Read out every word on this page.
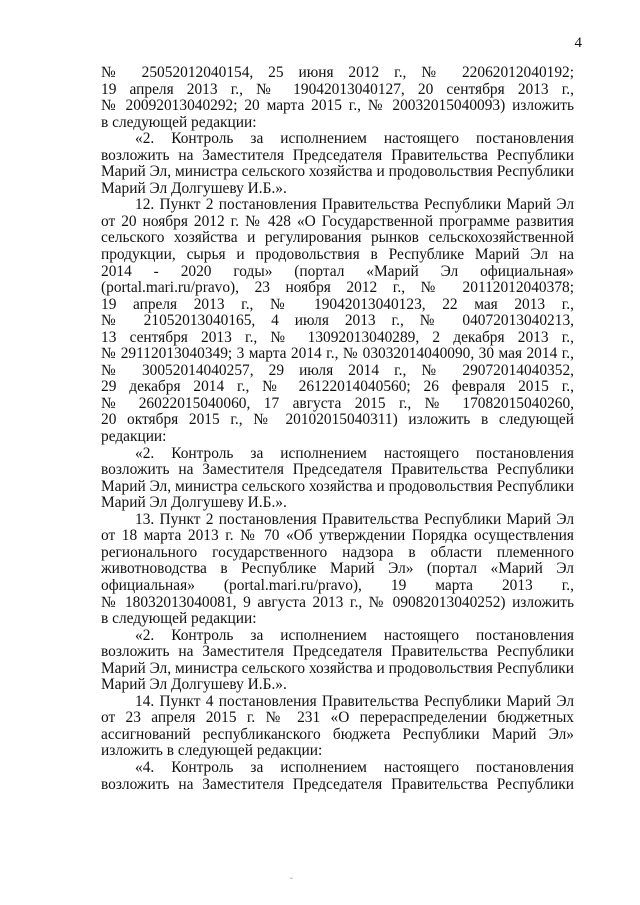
4
№ 25052012040154, 25 июня 2012 г., № 22062012040192;
19 апреля 2013 г., № 19042013040127, 20 сентября 2013 г.,
№ 20092013040292; 20 марта 2015 г., № 20032015040093) изложить
в следующей редакции:
«2. Контроль за исполнением настоящего постановления
возложить на Заместителя Председателя Правительства Республики
Марий Эл, министра сельского хозяйства и продовольствия Республики
Марий Эл Долгушеву И.Б.».
12. Пункт 2 постановления Правительства Республики Марий Эл
от 20 ноября 2012 г. № 428 «О Государственной программе развития
сельского хозяйства и регулирования рынков сельскохозяйственной
продукции, сырья и продовольствия в Республике Марий Эл на
2014 - 2020 годы» (портал «Марий Эл официальная»
(portal.mari.ru/pravo), 23 ноября 2012 г., № 20112012040378;
19 апреля 2013 г., № 19042013040123, 22 мая 2013 г.,
№ 21052013040165, 4 июля 2013 г., № 04072013040213,
13 сентября 2013 г., № 13092013040289, 2 декабря 2013 г.,
№ 29112013040349; 3 марта 2014 г., № 03032014040090, 30 мая 2014 г.,
№ 30052014040257, 29 июля 2014 г., № 29072014040352,
29 декабря 2014 г., № 26122014040560; 26 февраля 2015 г.,
№ 26022015040060, 17 августа 2015 г., № 17082015040260,
20 октября 2015 г., № 20102015040311) изложить в следующей
редакции:
«2. Контроль за исполнением настоящего постановления
возложить на Заместителя Председателя Правительства Республики
Марий Эл, министра сельского хозяйства и продовольствия Республики
Марий Эл Долгушеву И.Б.».
13. Пункт 2 постановления Правительства Республики Марий Эл
от 18 марта 2013 г. № 70 «Об утверждении Порядка осуществления
регионального государственного надзора в области племенного
животноводства в Республике Марий Эл» (портал «Марий Эл
официальная» (portal.mari.ru/pravo), 19 марта 2013 г.,
№ 18032013040081, 9 августа 2013 г., № 09082013040252) изложить
в следующей редакции:
«2. Контроль за исполнением настоящего постановления
возложить на Заместителя Председателя Правительства Республики
Марий Эл, министра сельского хозяйства и продовольствия Республики
Марий Эл Долгушеву И.Б.».
14. Пункт 4 постановления Правительства Республики Марий Эл
от 23 апреля 2015 г. № 231 «О перераспределении бюджетных
ассигнований республиканского бюджета Республики Марий Эл»
изложить в следующей редакции:
«4. Контроль за исполнением настоящего постановления
возложить на Заместителя Председателя Правительства Республики
ˇ
